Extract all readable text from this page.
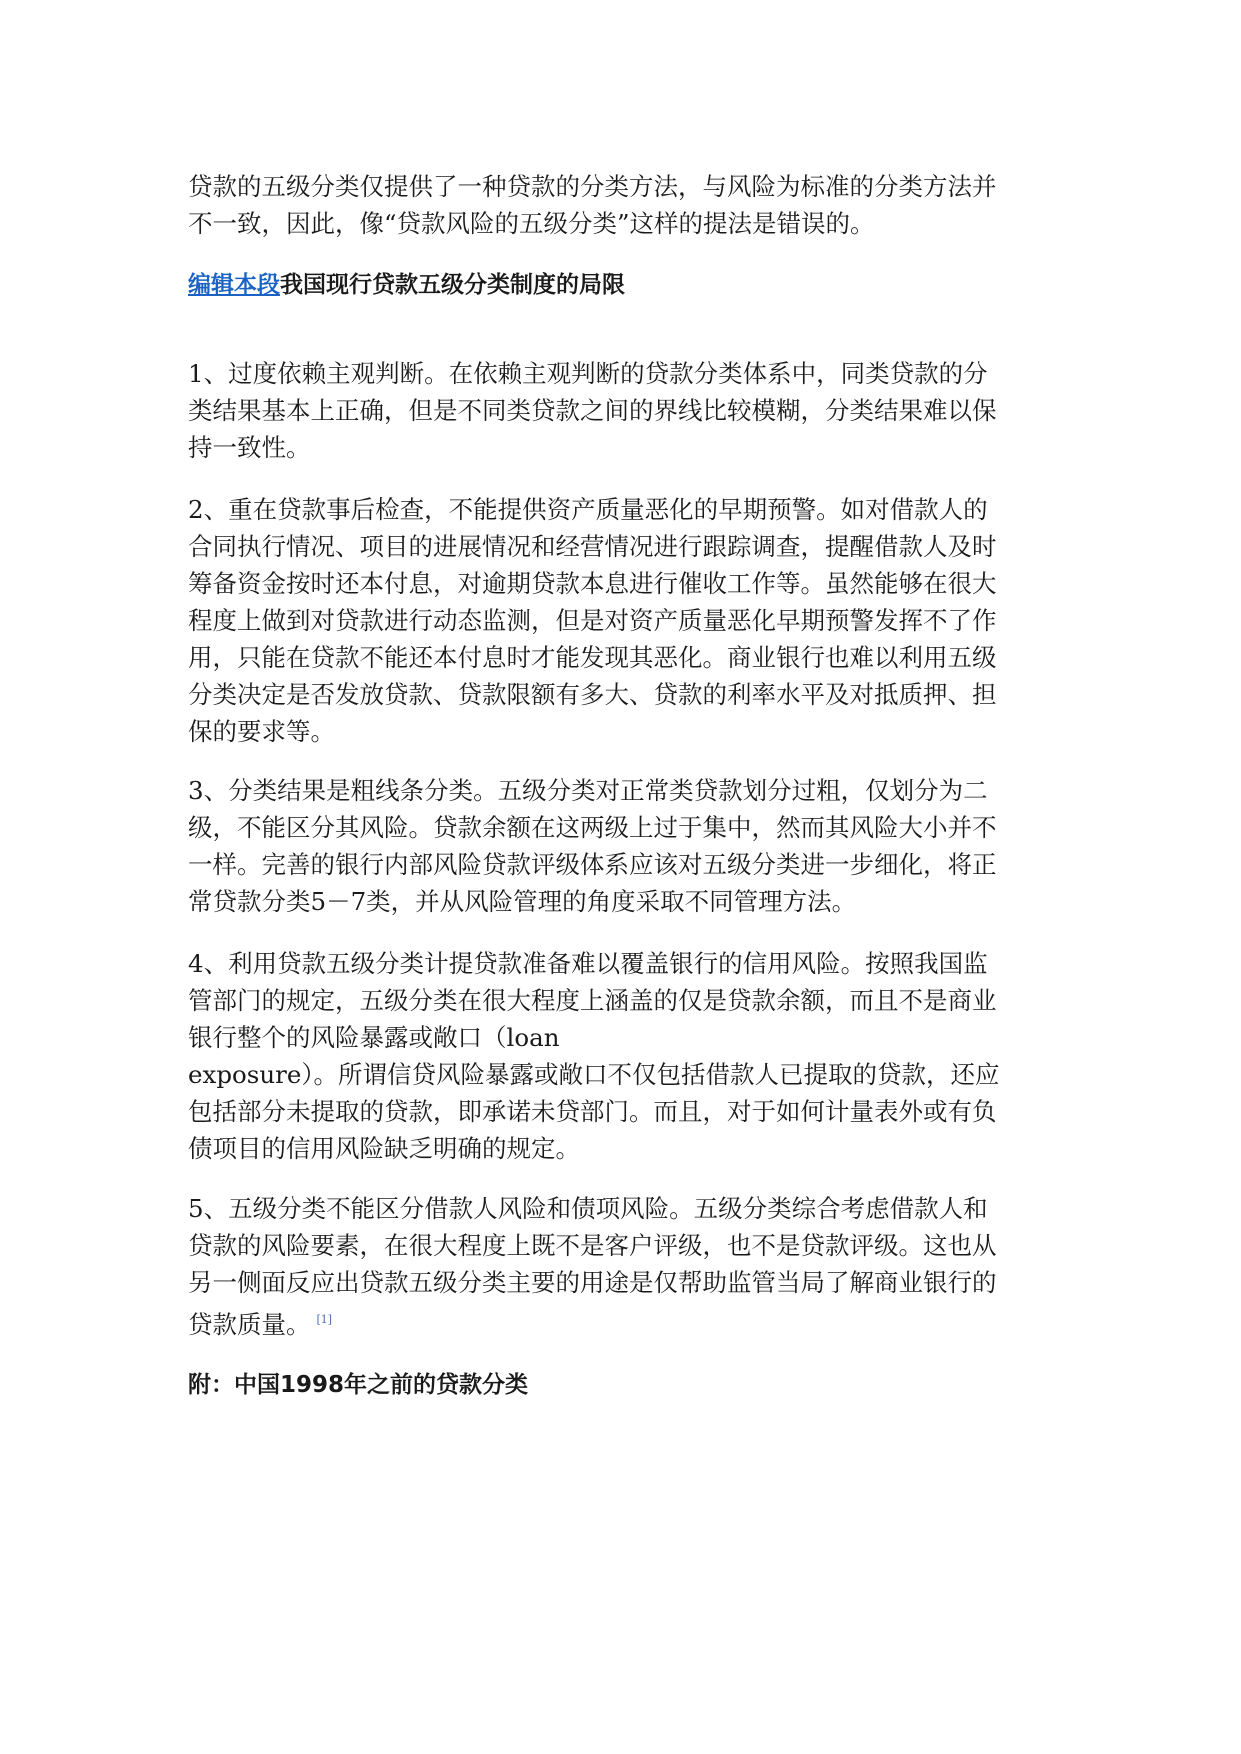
贷款的五级分类仅提供了一种贷款的分类方法，与风险为标准的分类方法并
不一致，因此，像“贷款风险的五级分类”这样的提法是错误的。
编辑本段我国现行贷款五级分类制度的局限
1、过度依赖主观判断。在依赖主观判断的贷款分类体系中，同类贷款的分
类结果基本上正确，但是不同类贷款之间的界线比较模糊，分类结果难以保
持一致性。
2、重在贷款事后检查，不能提供资产质量恶化的早期预警。如对借款人的
合同执行情况、项目的进展情况和经营情况进行跟踪调查，提醒借款人及时
筹备资金按时还本付息，对逾期贷款本息进行催收工作等。虽然能够在很大
程度上做到对贷款进行动态监测，但是对资产质量恶化早期预警发挥不了作
用，只能在贷款不能还本付息时才能发现其恶化。商业银行也难以利用五级
分类决定是否发放贷款、贷款限额有多大、贷款的利率水平及对抵质押、担
保的要求等。
3、分类结果是粗线条分类。五级分类对正常类贷款划分过粗，仅划分为二
级，不能区分其风险。贷款余额在这两级上过于集中，然而其风险大小并不
一样。完善的银行内部风险贷款评级体系应该对五级分类进一步细化，将正
常贷款分类5－7类，并从风险管理的角度采取不同管理方法。
4、利用贷款五级分类计提贷款准备难以覆盖银行的信用风险。按照我国监
管部门的规定，五级分类在很大程度上涵盖的仅是贷款余额，而且不是商业
银行整个的风险暴露或敞口（loan
exposure）。所谓信贷风险暴露或敞口不仅包括借款人已提取的贷款，还应
包括部分未提取的贷款，即承诺未贷部门。而且，对于如何计量表外或有负
债项目的信用风险缺乏明确的规定。
5、五级分类不能区分借款人风险和债项风险。五级分类综合考虑借款人和
贷款的风险要素，在很大程度上既不是客户评级，也不是贷款评级。这也从
另一侧面反应出贷款五级分类主要的用途是仅帮助监管当局了解商业银行的
贷款质量。 [1]
附：中国1998年之前的贷款分类
